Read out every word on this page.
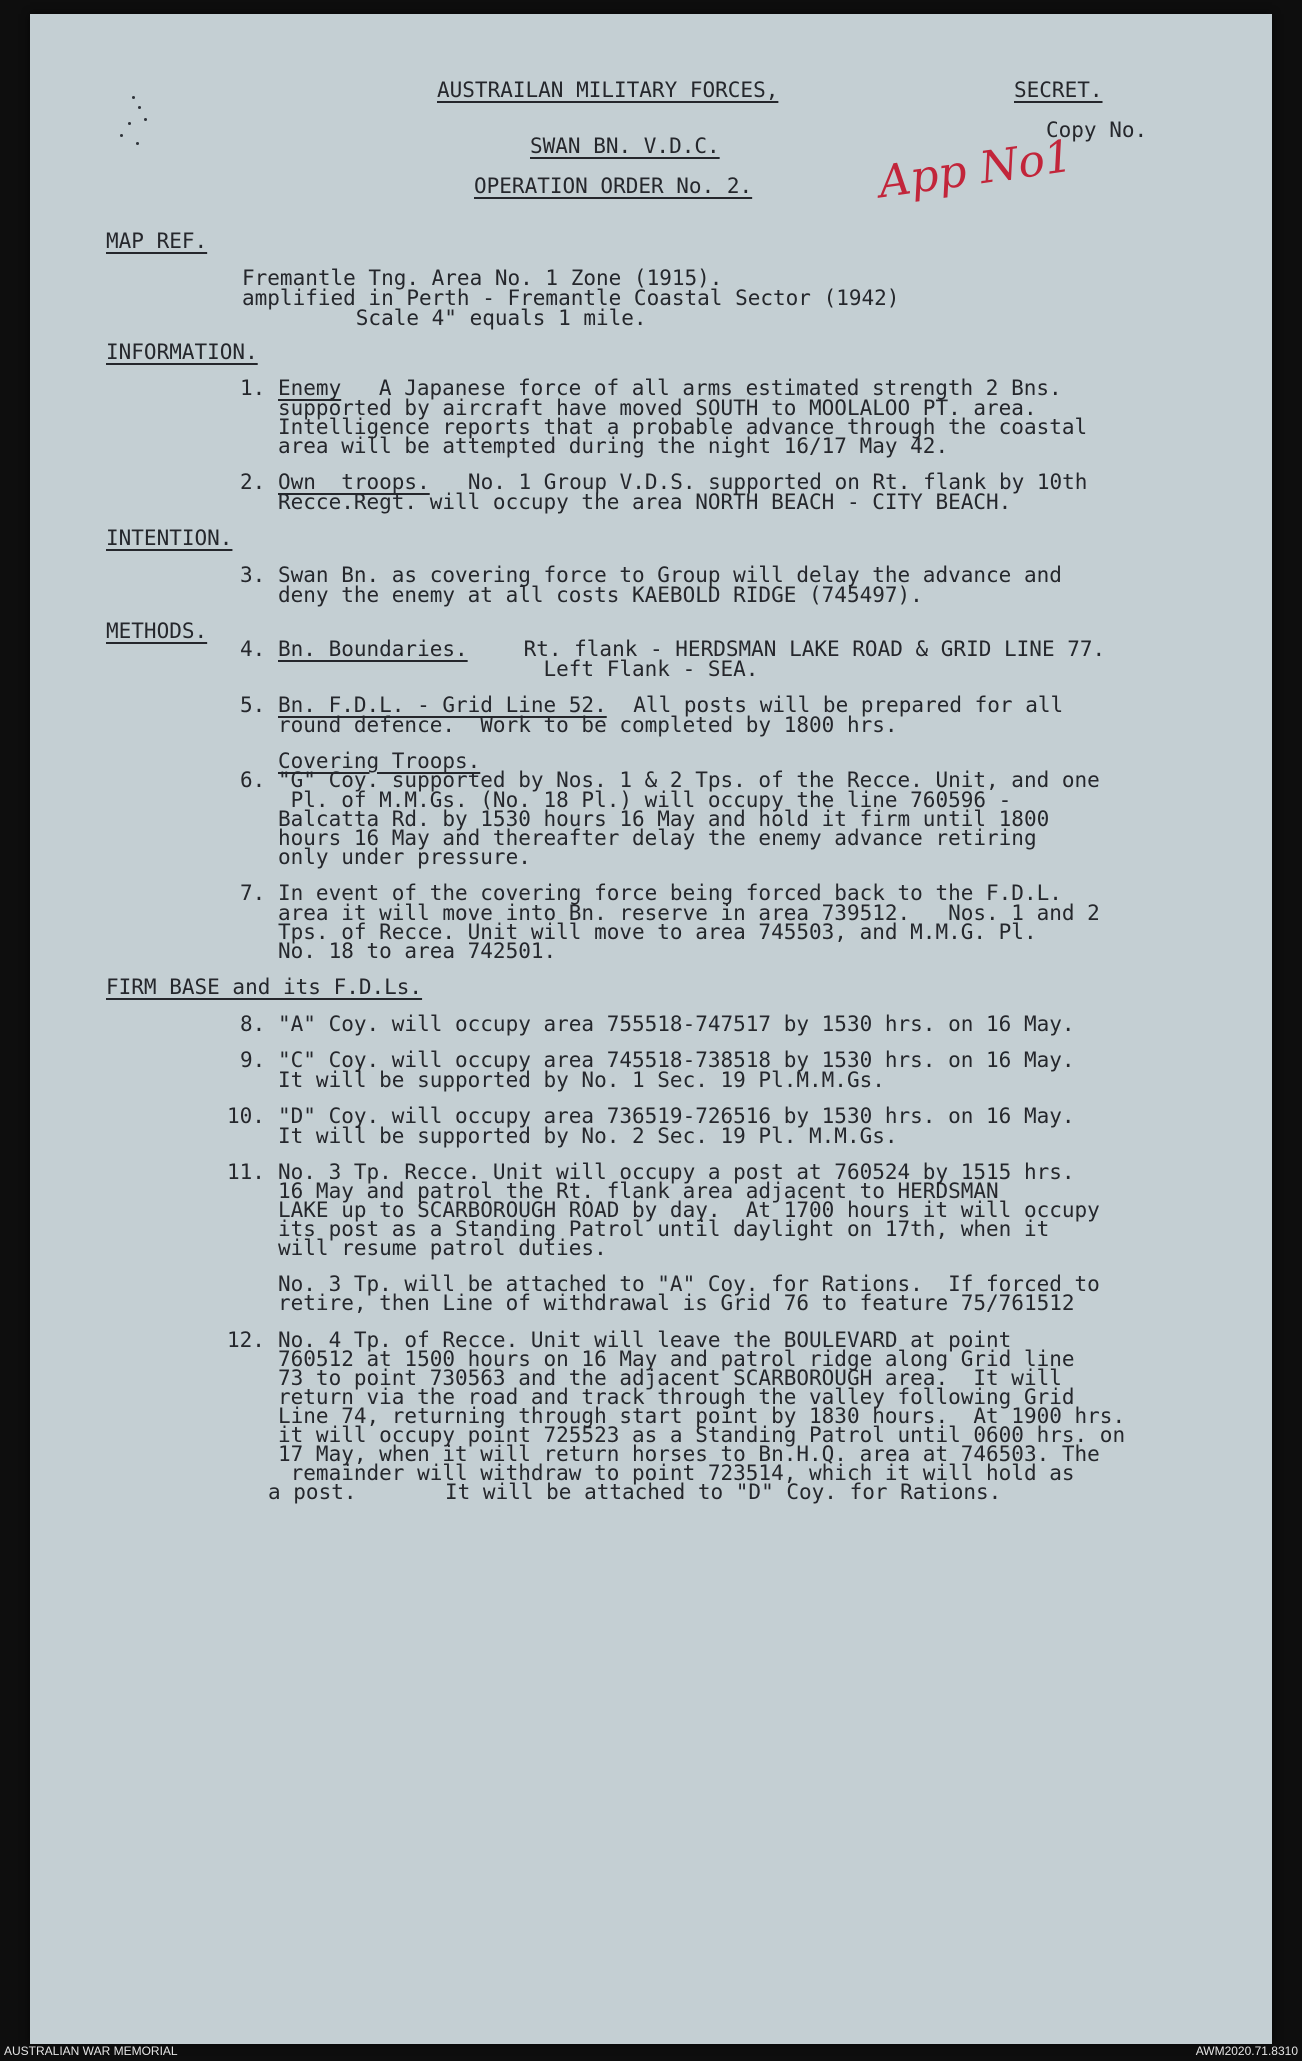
AUSTRAILAN MILITARY FORCES,	SECRET.
Copy No.
SWAN BN. V.D.C.
OPERATION ORDER No. 2.	App No1
MAP REF.
Fremantle Tng. Area No. 1 Zone (1915).
amplified in Perth - Fremantle Coastal Sector (1942)
Scale 4" equals 1 mile.
INFORMATION.
1. Enemy A Japanese force of all arms estimated strength 2 Bns.
supported by aircraft have moved SOUTH to MOOLALOO PT. area.
Intelligence reports that a probable advance through the coastal
area will be attempted during the night 16/17 May 42.
2. Own  troops. No. 1 Group V.D.S. supported on Rt. flank by 10th
Recce.Regt. will occupy the area NORTH BEACH - CITY BEACH.
INTENTION.
3. Swan Bn. as covering force to Group will delay the advance and
deny the enemy at all costs KAEBOLD RIDGE (745497).
METHODS.
4. Bn. Boundaries. Rt. flank - HERDSMAN LAKE ROAD & GRID LINE 77.
Left Flank - SEA.
5. Bn. F.D.L. - Grid Line 52. All posts will be prepared for all
round defence.  Work to be completed by 1800 hrs.
Covering Troops.
6. "G" Coy. supported by Nos. 1 & 2 Tps. of the Recce. Unit, and one
Pl. of M.M.Gs. (No. 18 Pl.) will occupy the line 760596 -
Balcatta Rd. by 1530 hours 16 May and hold it firm until 1800
hours 16 May and thereafter delay the enemy advance retiring
only under pressure.
7. In event of the covering force being forced back to the F.D.L.
area it will move into Bn. reserve in area 739512.   Nos. 1 and 2
Tps. of Recce. Unit will move to area 745503, and M.M.G. Pl.
No. 18 to area 742501.
FIRM BASE and its F.D.Ls.
8. "A" Coy. will occupy area 755518-747517 by 1530 hrs. on 16 May.
9. "C" Coy. will occupy area 745518-738518 by 1530 hrs. on 16 May.
It will be supported by No. 1 Sec. 19 Pl.M.M.Gs.
10. "D" Coy. will occupy area 736519-726516 by 1530 hrs. on 16 May.
It will be supported by No. 2 Sec. 19 Pl. M.M.Gs.
11. No. 3 Tp. Recce. Unit will occupy a post at 760524 by 1515 hrs.
16 May and patrol the Rt. flank area adjacent to HERDSMAN
LAKE up to SCARBOROUGH ROAD by day.  At 1700 hours it will occupy
its post as a Standing Patrol until daylight on 17th, when it
will resume patrol duties.
No. 3 Tp. will be attached to "A" Coy. for Rations.  If forced to
retire, then Line of withdrawal is Grid 76 to feature 75/761512
12. No. 4 Tp. of Recce. Unit will leave the BOULEVARD at point
760512 at 1500 hours on 16 May and patrol ridge along Grid line
73 to point 730563 and the adjacent SCARBOROUGH area.  It will
return via the road and track through the valley following Grid
Line 74, returning through start point by 1830 hours.  At 1900 hrs.
it will occupy point 725523 as a Standing Patrol until 0600 hrs. on
17 May, when it will return horses to Bn.H.Q. area at 746503. The
remainder will withdraw to point 723514, which it will hold as
a post.       It will be attached to "D" Coy. for Rations.
AUSTRALIAN WAR MEMORIAL	AWM2020.71.8310
